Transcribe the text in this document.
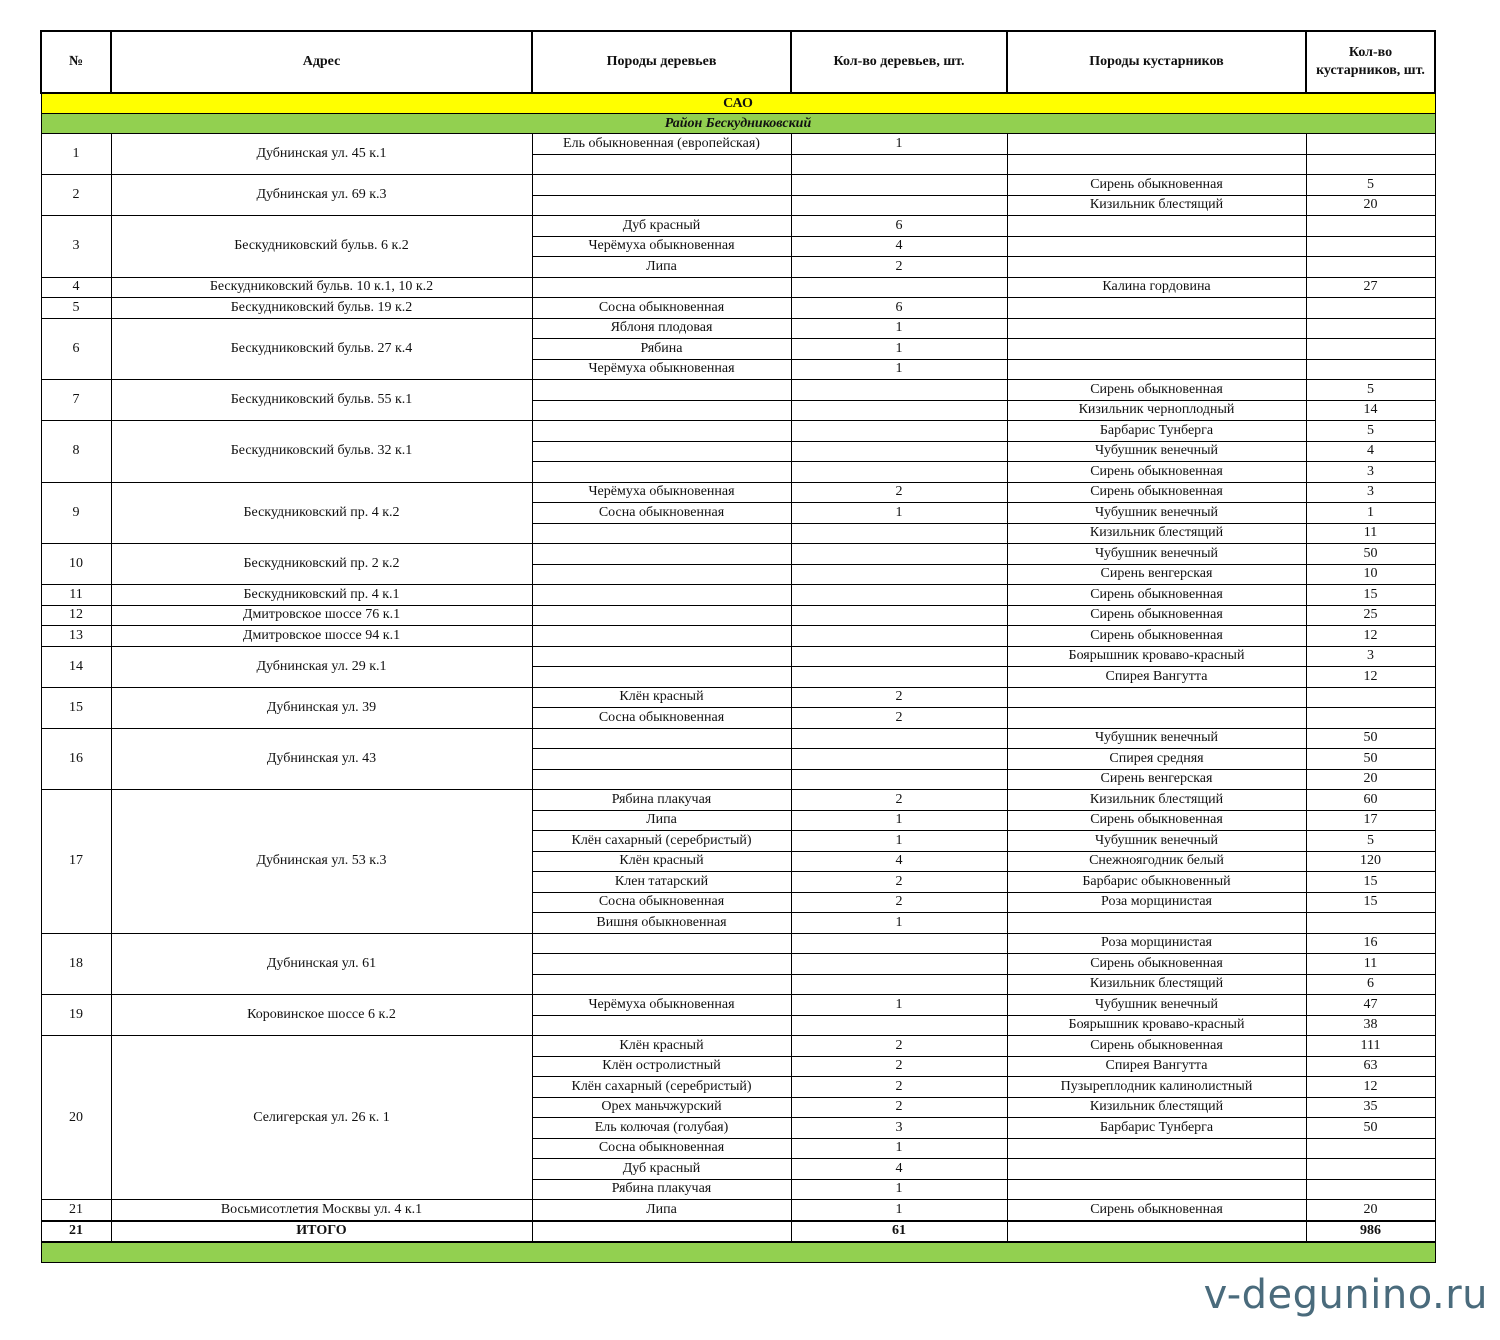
№	Адрес	Породы деревьев	Кол-во деревьев, шт.	Породы кустарников	Кол-во кустарников, шт.
САО					
Район Бескудниковский					
1	Дубнинская ул. 45 к.1	Ель обыкновенная (европейская)	1		

2	Дубнинская ул. 69 к.3			Сирень обыкновенная	5
				Кизильник блестящий	20
3	Бескудниковский бульв. 6 к.2	Дуб красный	6		
		Черёмуха обыкновенная	4		
		Липа	2		
4	Бескудниковский бульв. 10 к.1, 10 к.2			Калина гордовина	27
5	Бескудниковский бульв. 19 к.2	Сосна обыкновенная	6		
6	Бескудниковский бульв. 27 к.4	Яблоня плодовая	1		
		Рябина	1		
		Черёмуха обыкновенная	1		
7	Бескудниковский бульв. 55 к.1			Сирень обыкновенная	5
				Кизильник черноплодный	14
8	Бескудниковский бульв. 32 к.1			Барбарис Тунберга	5
				Чубушник венечный	4
				Сирень обыкновенная	3
9	Бескудниковский пр. 4 к.2	Черёмуха обыкновенная	2	Сирень обыкновенная	3
		Сосна обыкновенная	1	Чубушник венечный	1
				Кизильник блестящий	11
10	Бескудниковский пр. 2 к.2			Чубушник венечный	50
				Сирень венгерская	10
11	Бескудниковский пр. 4 к.1			Сирень обыкновенная	15
12	Дмитровское шоссе 76 к.1			Сирень обыкновенная	25
13	Дмитровское шоссе 94 к.1			Сирень обыкновенная	12
14	Дубнинская ул. 29 к.1			Боярышник кроваво-красный	3
				Спирея Вангутта	12
15	Дубнинская ул. 39	Клён красный	2		
		Сосна обыкновенная	2		
16	Дубнинская ул. 43			Чубушник венечный	50
				Спирея средняя	50
				Сирень венгерская	20
17	Дубнинская ул. 53 к.3	Рябина плакучая	2	Кизильник блестящий	60
		Липа	1	Сирень обыкновенная	17
		Клён сахарный (серебристый)	1	Чубушник венечный	5
		Клён красный	4	Снежноягодник белый	120
		Клен татарский	2	Барбарис обыкновенный	15
		Сосна обыкновенная	2	Роза морщинистая	15
		Вишня обыкновенная	1		
18	Дубнинская ул. 61			Роза морщинистая	16
				Сирень обыкновенная	11
				Кизильник блестящий	6
19	Коровинское шоссе 6 к.2	Черёмуха обыкновенная	1	Чубушник венечный	47
				Боярышник кроваво-красный	38
20	Селигерская ул. 26 к. 1	Клён красный	2	Сирень обыкновенная	111
		Клён остролистный	2	Спирея Вангутта	63
		Клён сахарный (серебристый)	2	Пузыреплодник калинолистный	12
		Орех маньчжурский	2	Кизильник блестящий	35
		Ель колючая (голубая)	3	Барбарис Тунберга	50
		Сосна обыкновенная	1		
		Дуб красный	4		
		Рябина плакучая	1		
21	Восьмисотлетия Москвы ул. 4 к.1	Липа	1	Сирень обыкновенная	20
21	ИТОГО		61		986

v-degunino.ru
